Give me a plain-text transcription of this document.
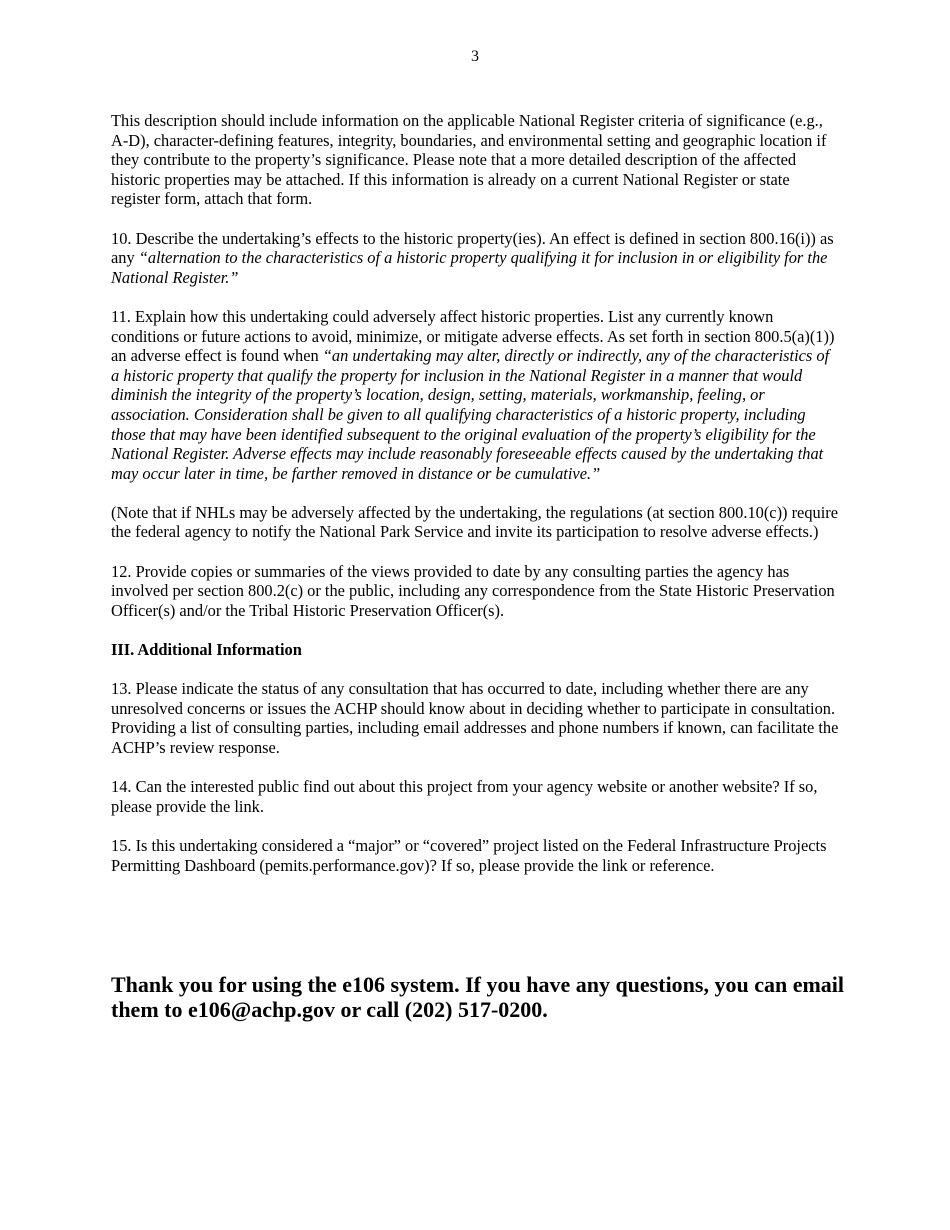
3

This description should include information on the applicable National Register criteria of significance (e.g., A-D), character-defining features, integrity, boundaries, and environmental setting and geographic location if they contribute to the property’s significance. Please note that a more detailed description of the affected historic properties may be attached. If this information is already on a current National Register or state register form, attach that form.

10. Describe the undertaking’s effects to the historic property(ies). An effect is defined in section 800.16(i)) as any “alternation to the characteristics of a historic property qualifying it for inclusion in or eligibility for the National Register.”

11. Explain how this undertaking could adversely affect historic properties. List any currently known conditions or future actions to avoid, minimize, or mitigate adverse effects. As set forth in section 800.5(a)(1)) an adverse effect is found when “an undertaking may alter, directly or indirectly, any of the characteristics of a historic property that qualify the property for inclusion in the National Register in a manner that would diminish the integrity of the property’s location, design, setting, materials, workmanship, feeling, or association. Consideration shall be given to all qualifying characteristics of a historic property, including those that may have been identified subsequent to the original evaluation of the property’s eligibility for the National Register. Adverse effects may include reasonably foreseeable effects caused by the undertaking that may occur later in time, be farther removed in distance or be cumulative.”

(Note that if NHLs may be adversely affected by the undertaking, the regulations (at section 800.10(c)) require the federal agency to notify the National Park Service and invite its participation to resolve adverse effects.)

12. Provide copies or summaries of the views provided to date by any consulting parties the agency has involved per section 800.2(c) or the public, including any correspondence from the State Historic Preservation Officer(s) and/or the Tribal Historic Preservation Officer(s).

III. Additional Information

13. Please indicate the status of any consultation that has occurred to date, including whether there are any unresolved concerns or issues the ACHP should know about in deciding whether to participate in consultation. Providing a list of consulting parties, including email addresses and phone numbers if known, can facilitate the ACHP’s review response.

14. Can the interested public find out about this project from your agency website or another website? If so, please provide the link.

15. Is this undertaking considered a “major” or “covered” project listed on the Federal Infrastructure Projects Permitting Dashboard (pemits.performance.gov)? If so, please provide the link or reference.

Thank you for using the e106 system. If you have any questions, you can email them to e106@achp.gov or call (202) 517-0200.
